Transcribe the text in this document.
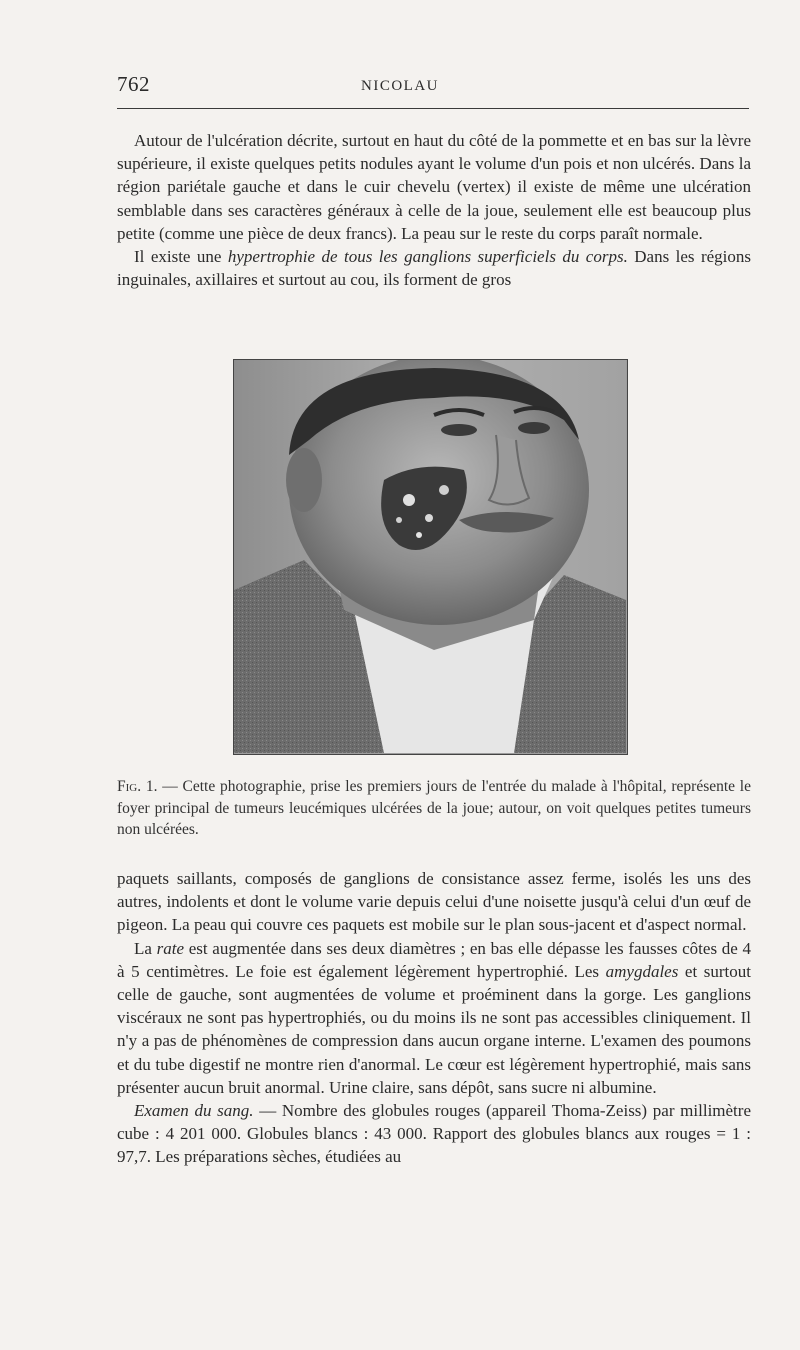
762	NICOLAU

Autour de l'ulcération décrite, surtout en haut du côté de la pommette et en bas sur la lèvre supérieure, il existe quelques petits nodules ayant le volume d'un pois et non ulcérés. Dans la région pariétale gauche et dans le cuir chevelu (vertex) il existe de même une ulcération semblable dans ses caractères généraux à celle de la joue, seulement elle est beaucoup plus petite (comme une pièce de deux francs). La peau sur le reste du corps paraît normale.

Il existe une hypertrophie de tous les ganglions superficiels du corps. Dans les régions inguinales, axillaires et surtout au cou, ils forment de gros

Fig. 1. — Cette photographie, prise les premiers jours de l'entrée du malade à l'hôpital, représente le foyer principal de tumeurs leucémiques ulcérées de la joue; autour, on voit quelques petites tumeurs non ulcérées.

paquets saillants, composés de ganglions de consistance assez ferme, isolés les uns des autres, indolents et dont le volume varie depuis celui d'une noisette jusqu'à celui d'un œuf de pigeon. La peau qui couvre ces paquets est mobile sur le plan sous-jacent et d'aspect normal.

La rate est augmentée dans ses deux diamètres ; en bas elle dépasse les fausses côtes de 4 à 5 centimètres. Le foie est également légèrement hypertrophié. Les amygdales et surtout celle de gauche, sont augmentées de volume et proéminent dans la gorge. Les ganglions viscéraux ne sont pas hypertrophiés, ou du moins ils ne sont pas accessibles cliniquement. Il n'y a pas de phénomènes de compression dans aucun organe interne. L'examen des poumons et du tube digestif ne montre rien d'anormal. Le cœur est légèrement hypertrophié, mais sans présenter aucun bruit anormal. Urine claire, sans dépôt, sans sucre ni albumine.

Examen du sang. — Nombre des globules rouges (appareil Thoma-Zeiss) par millimètre cube : 4 201 000. Globules blancs : 43 000. Rapport des globules blancs aux rouges = 1 : 97,7. Les préparations sèches, étudiées au
